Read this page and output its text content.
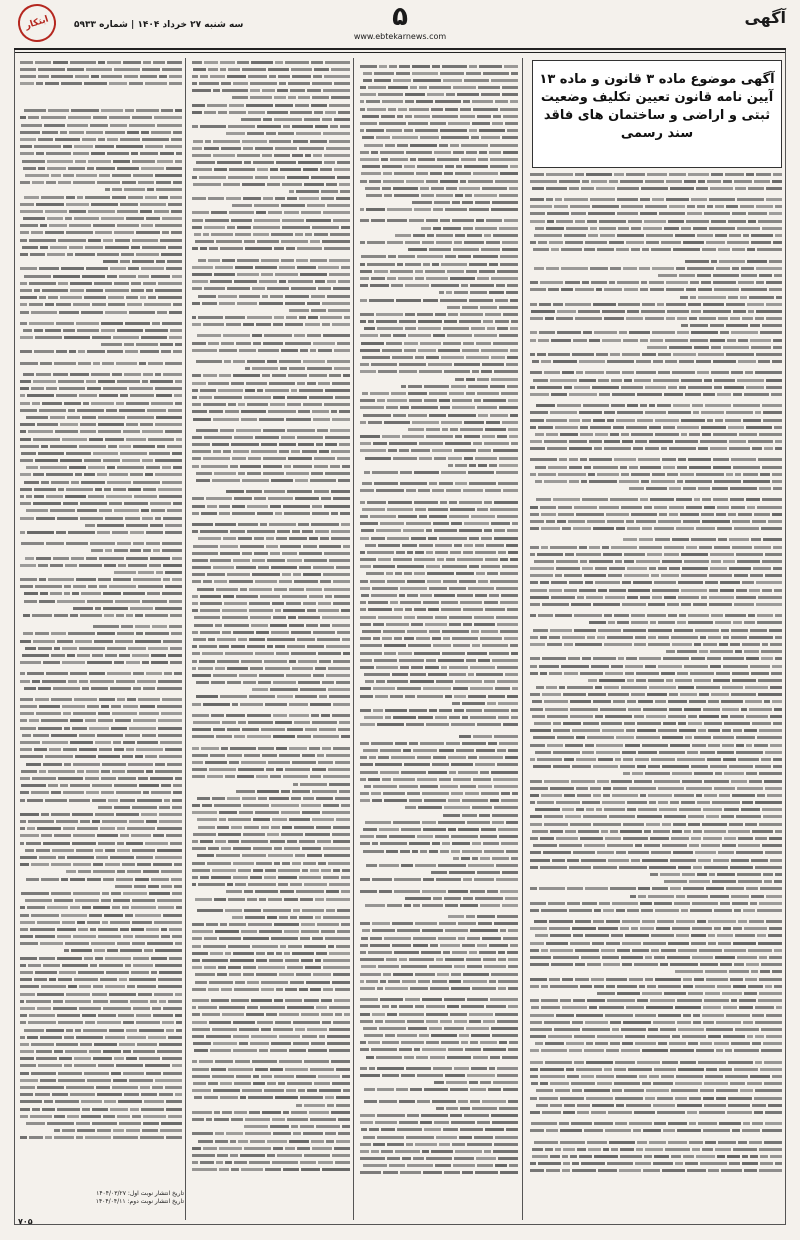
آگهی
۵
www.ebtekarnews.com
سه شنبه ۲۷ خرداد ۱۴۰۴ | شماره ۵۹۳۳
ابتکار
آگهی موضوع ماده ۳ قانون و ماده ۱۳ آیین نامه قانون تعیین تکلیف وضعیت ثبتی و اراضی و ساختمان های فاقد سند رسمی
تاریخ انتشار نوبت اول: ۱۴۰۴/۰۳/۲۷
تاریخ انتشار نوبت دوم: ۱۴۰۴/۰۴/۱۱
۷۰۵
